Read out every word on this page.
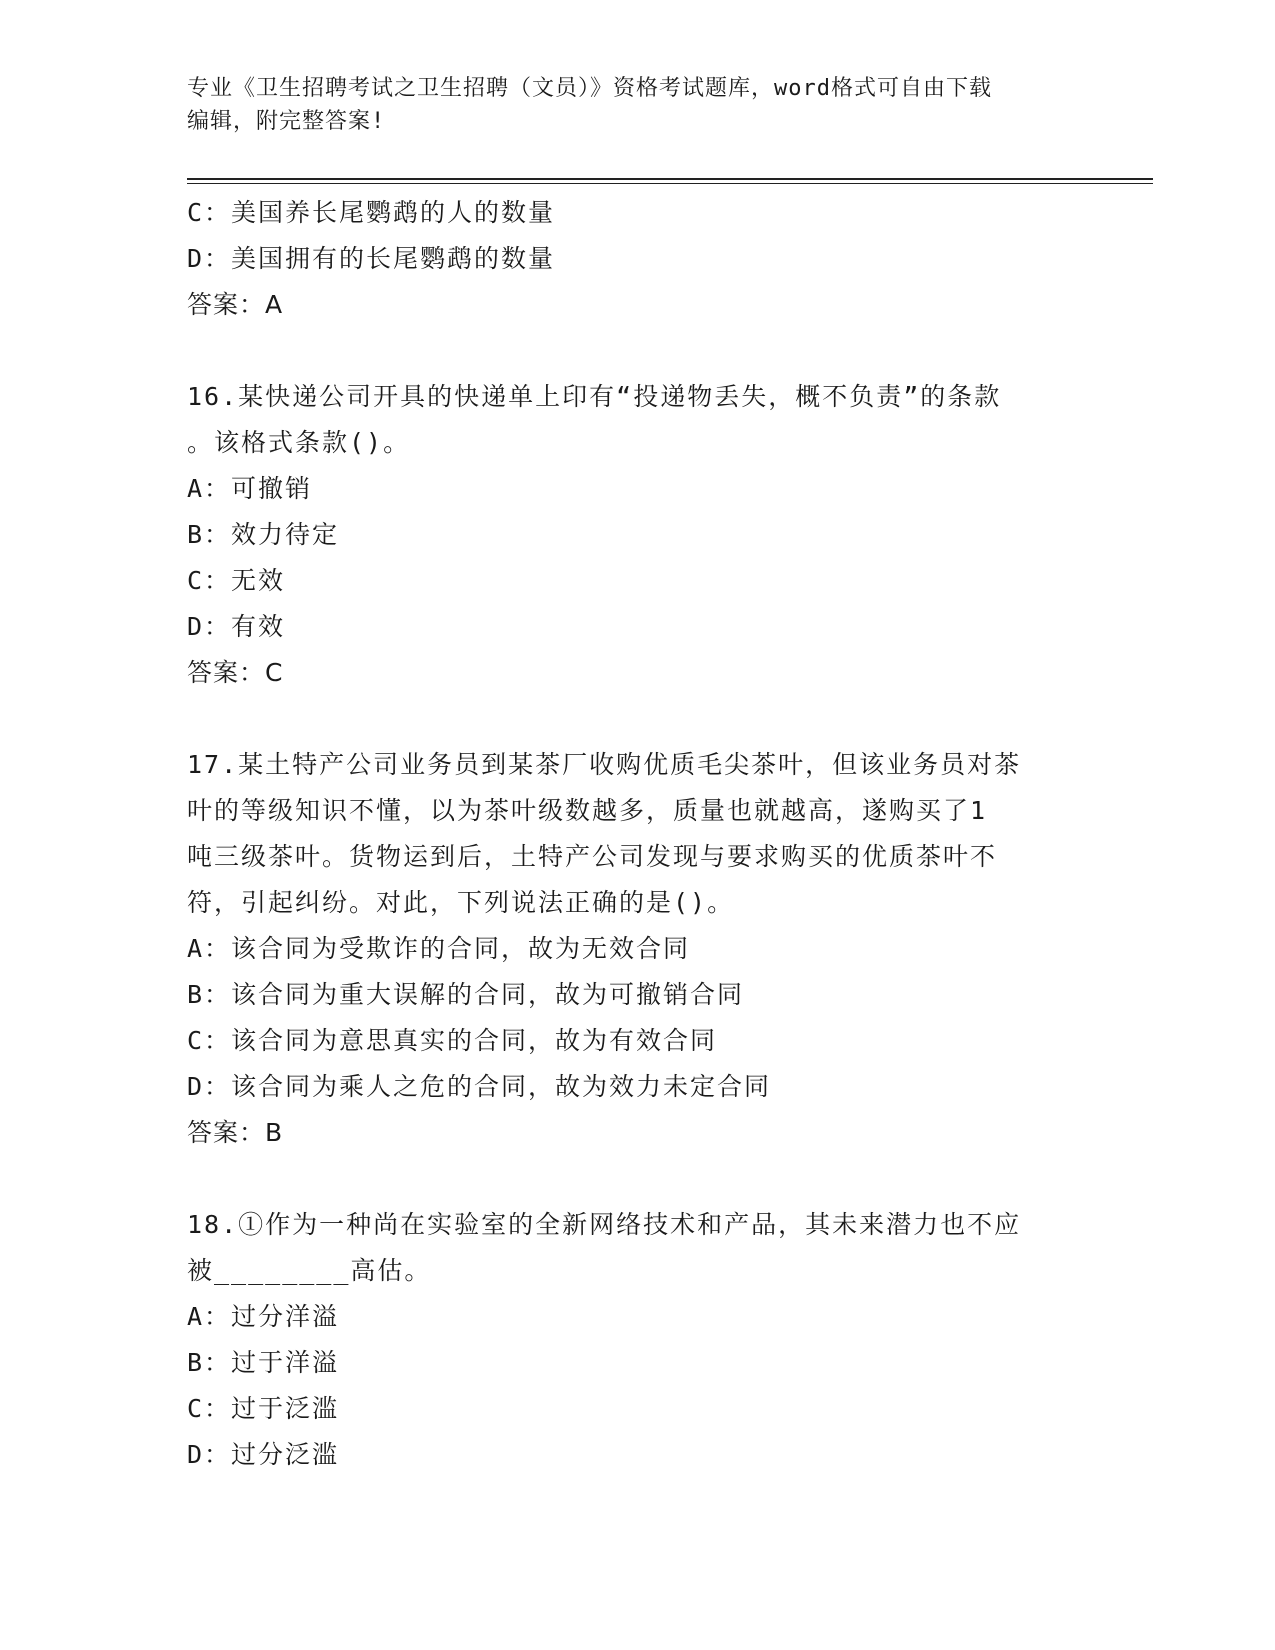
专业《卫生招聘考试之卫生招聘（文员）》资格考试题库，word格式可自由下载
编辑，附完整答案!
C：美国养长尾鹦鹉的人的数量
D：美国拥有的长尾鹦鹉的数量
答案：A
16.某快递公司开具的快递单上印有“投递物丢失，概不负责”的条款
。该格式条款()。
A：可撤销
B：效力待定
C：无效
D：有效
答案：C
17.某土特产公司业务员到某茶厂收购优质毛尖茶叶，但该业务员对茶
叶的等级知识不懂，以为茶叶级数越多，质量也就越高，遂购买了1
吨三级茶叶。货物运到后，土特产公司发现与要求购买的优质茶叶不
符，引起纠纷。对此，下列说法正确的是()。
A：该合同为受欺诈的合同，故为无效合同
B：该合同为重大误解的合同，故为可撤销合同
C：该合同为意思真实的合同，故为有效合同
D：该合同为乘人之危的合同，故为效力未定合同
答案：B
18.①作为一种尚在实验室的全新网络技术和产品，其未来潜力也不应
被________高估。
A：过分洋溢
B：过于洋溢
C：过于泛滥
D：过分泛滥
